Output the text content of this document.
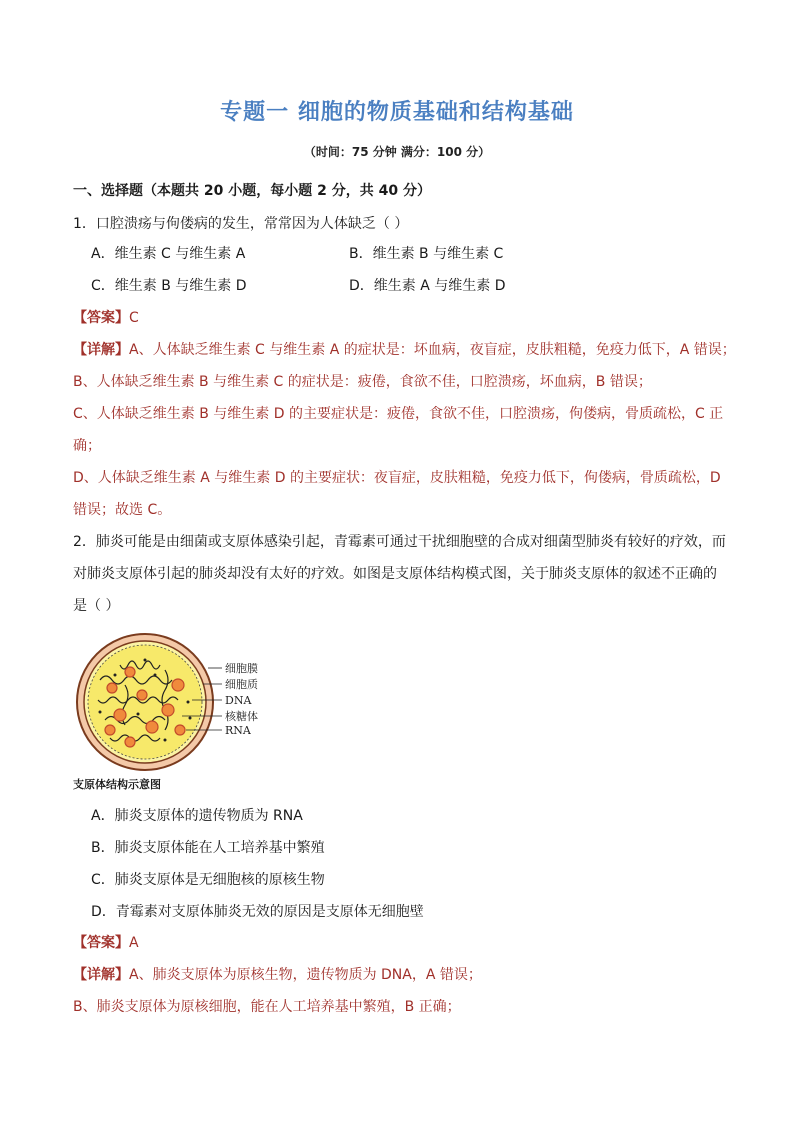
专题一 细胞的物质基础和结构基础
（时间：75 分钟 满分：100 分）
一、选择题（本题共 20 小题，每小题 2 分，共 40 分）
1．口腔溃疡与佝偻病的发生，常常因为人体缺乏（ ）
A．维生素 C 与维生素 A	B．维生素 B 与维生素 C
C．维生素 B 与维生素 D	D．维生素 A 与维生素 D
【答案】C
【详解】A、人体缺乏维生素 C 与维生素 A 的症状是：坏血病，夜盲症，皮肤粗糙，免疫力低下，A 错误；
B、人体缺乏维生素 B 与维生素 C 的症状是：疲倦，食欲不佳，口腔溃疡，坏血病，B 错误；
C、人体缺乏维生素 B 与维生素 D 的主要症状是：疲倦，食欲不佳，口腔溃疡，佝偻病，骨质疏松，C 正
确；
D、人体缺乏维生素 A 与维生素 D 的主要症状：夜盲症，皮肤粗糙，免疫力低下，佝偻病，骨质疏松，D
错误；故选 C。
2．肺炎可能是由细菌或支原体感染引起，青霉素可通过干扰细胞壁的合成对细菌型肺炎有较好的疗效，而
对肺炎支原体引起的肺炎却没有太好的疗效。如图是支原体结构模式图，关于肺炎支原体的叙述不正确的
是（ ）
细胞膜
细胞质
DNA
核糖体
RNA
支原体结构示意图
A．肺炎支原体的遗传物质为 RNA
B．肺炎支原体能在人工培养基中繁殖
C．肺炎支原体是无细胞核的原核生物
D．青霉素对支原体肺炎无效的原因是支原体无细胞壁
【答案】A
【详解】A、肺炎支原体为原核生物，遗传物质为 DNA，A 错误；
B、肺炎支原体为原核细胞，能在人工培养基中繁殖，B 正确；
